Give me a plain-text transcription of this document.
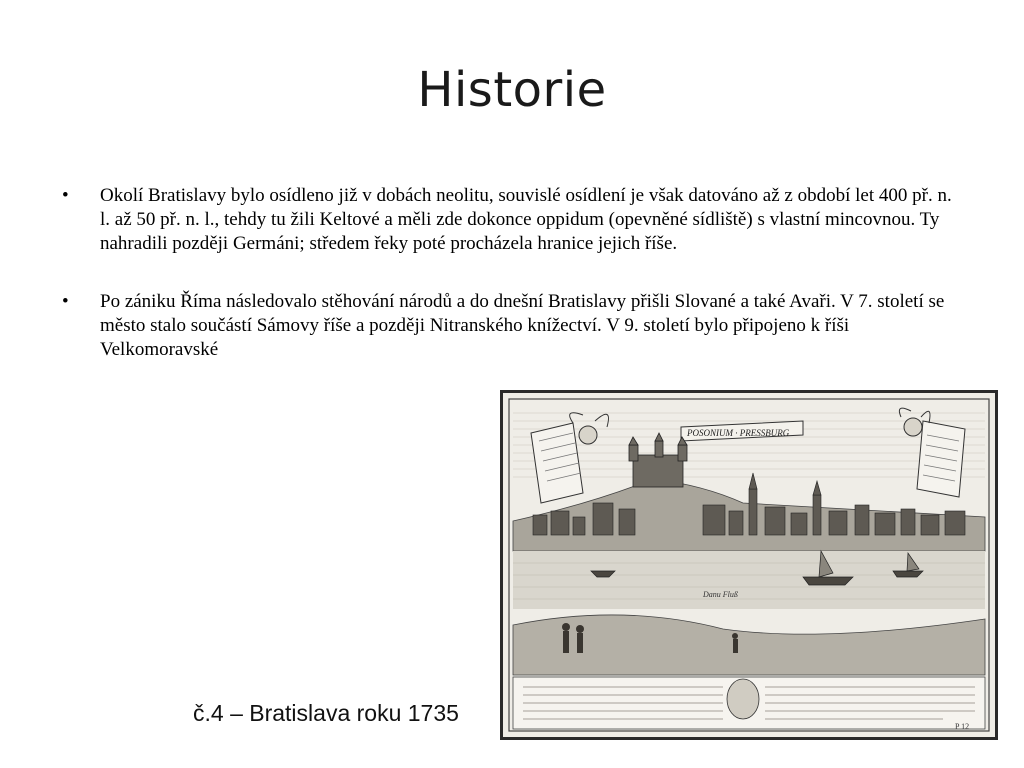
Historie
• Okolí Bratislavy bylo osídleno již v dobách neolitu, souvislé osídlení je však datováno až z období let 400 př. n. l. až 50 př. n. l., tehdy tu žili Keltové a měli zde dokonce oppidum (opevněné sídliště) s vlastní mincovnou. Ty nahradili později Germáni; středem řeky poté procházela hranice jejich říše.
• Po zániku Říma následovalo stěhování národů a do dnešní Bratislavy přišli Slované a také Avaři. V 7. století se město stalo součástí Sámovy říše a později Nitranského knížectví. V 9. století bylo připojeno k říši Velkomoravské
POSONIUM · PRESSBURG
Danu Fluß
P 12
č.4 – Bratislava roku 1735
